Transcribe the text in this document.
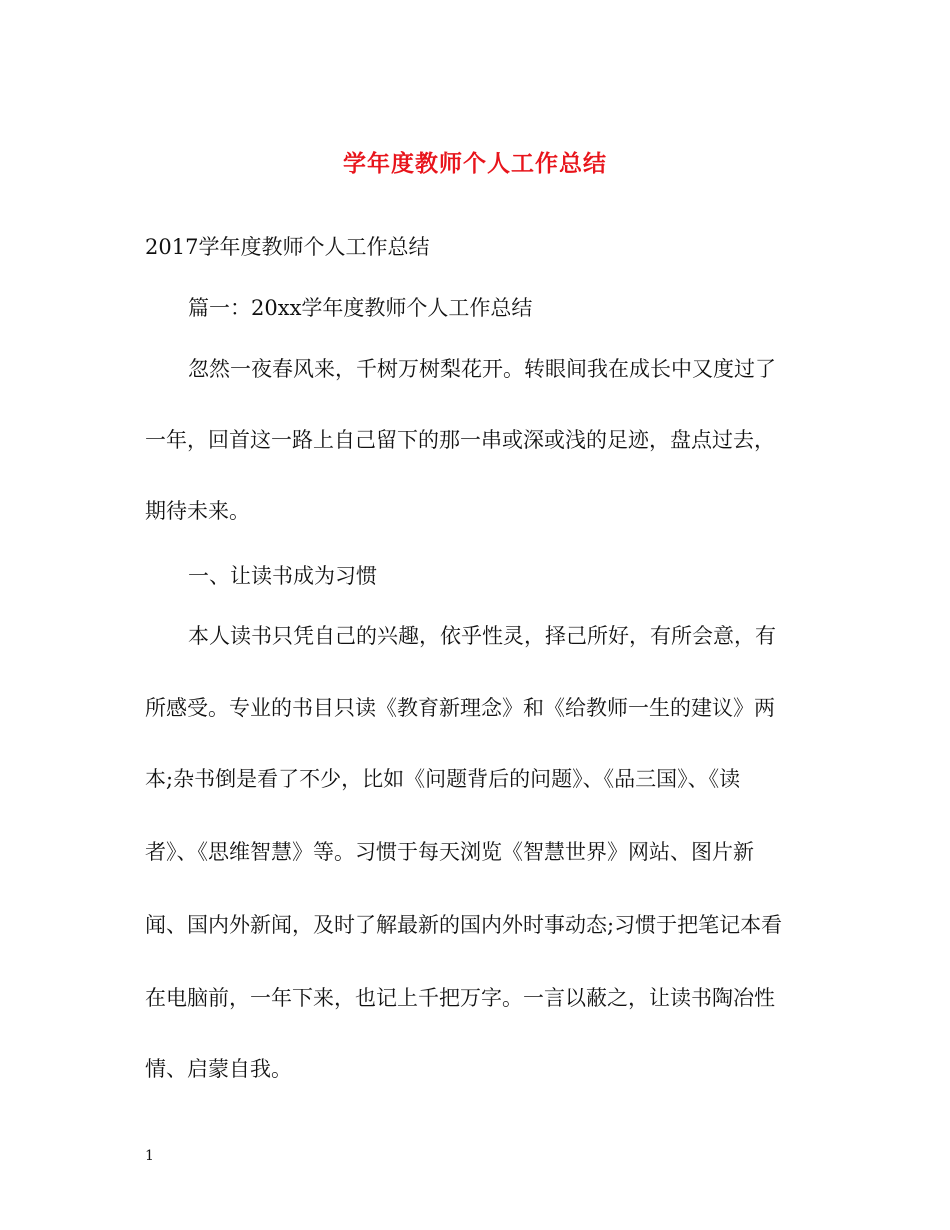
学年度教师个人工作总结
2017学年度教师个人工作总结
篇一：20xx学年度教师个人工作总结
忽然一夜春风来，千树万树梨花开。转眼间我在成长中又度过了
一年，回首这一路上自己留下的那一串或深或浅的足迹，盘点过去，
期待未来。
一、让读书成为习惯
本人读书只凭自己的兴趣，依乎性灵，择己所好，有所会意，有
所感受。专业的书目只读《教育新理念》和《给教师一生的建议》两
本;杂书倒是看了不少，比如《问题背后的问题》、《品三国》、《读
者》、《思维智慧》等。习惯于每天浏览《智慧世界》网站、图片新
闻、国内外新闻，及时了解最新的国内外时事动态;习惯于把笔记本看
在电脑前，一年下来，也记上千把万字。一言以蔽之，让读书陶冶性
情、启蒙自我。
1
